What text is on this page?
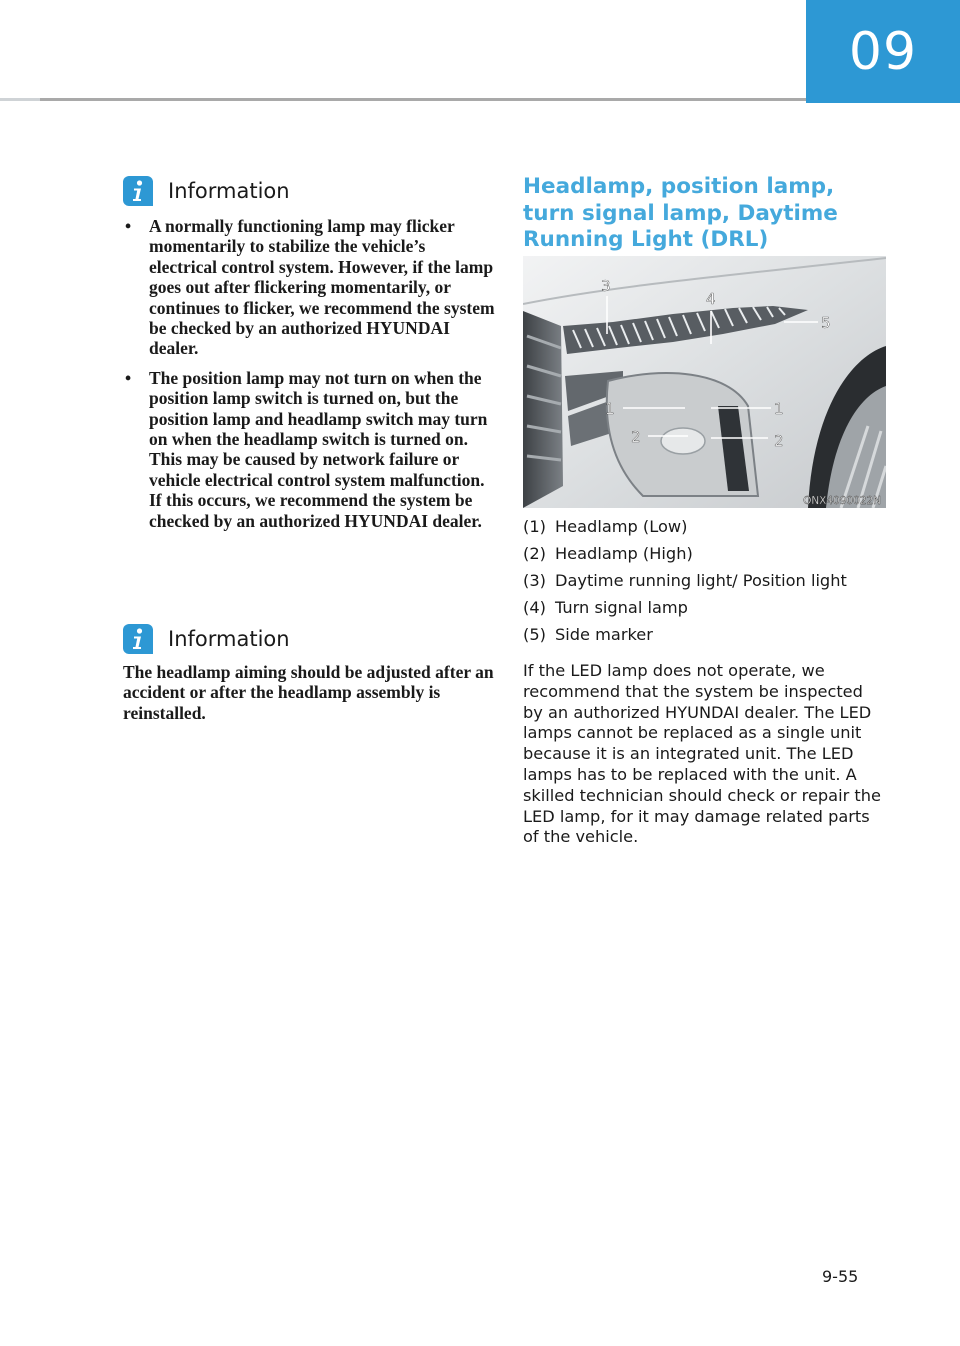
09
Information
• A normally functioning lamp may flicker momentarily to stabilize the vehicle’s electrical control system. However, if the lamp goes out after flickering momentarily, or continues to flicker, we recommend the system be checked by an authorized HYUNDAI dealer.
• The position lamp may not turn on when the position lamp switch is turned on, but the position lamp and headlamp switch may turn on when the headlamp switch is turned on. This may be caused by network failure or vehicle electrical control system malfunction. If this occurs, we recommend the system be checked by an authorized HYUNDAI dealer.
Information

The headlamp aiming should be adjusted after an accident or after the headlamp assembly is reinstalled.

Headlamp, position lamp, turn signal lamp, Daytime Running Light (DRL)
3
4
5
1	1
2	2
ONX4090022N
(1) Headlamp (Low)
(2) Headlamp (High)
(3) Daytime running light/ Position light
(4) Turn signal lamp
(5) Side marker

If the LED lamp does not operate, we recommend that the system be inspected by an authorized HYUNDAI dealer. The LED lamps cannot be replaced as a single unit because it is an integrated unit. The LED lamps has to be replaced with the unit. A skilled technician should check or repair the LED lamp, for it may damage related parts of the vehicle.

9-55
